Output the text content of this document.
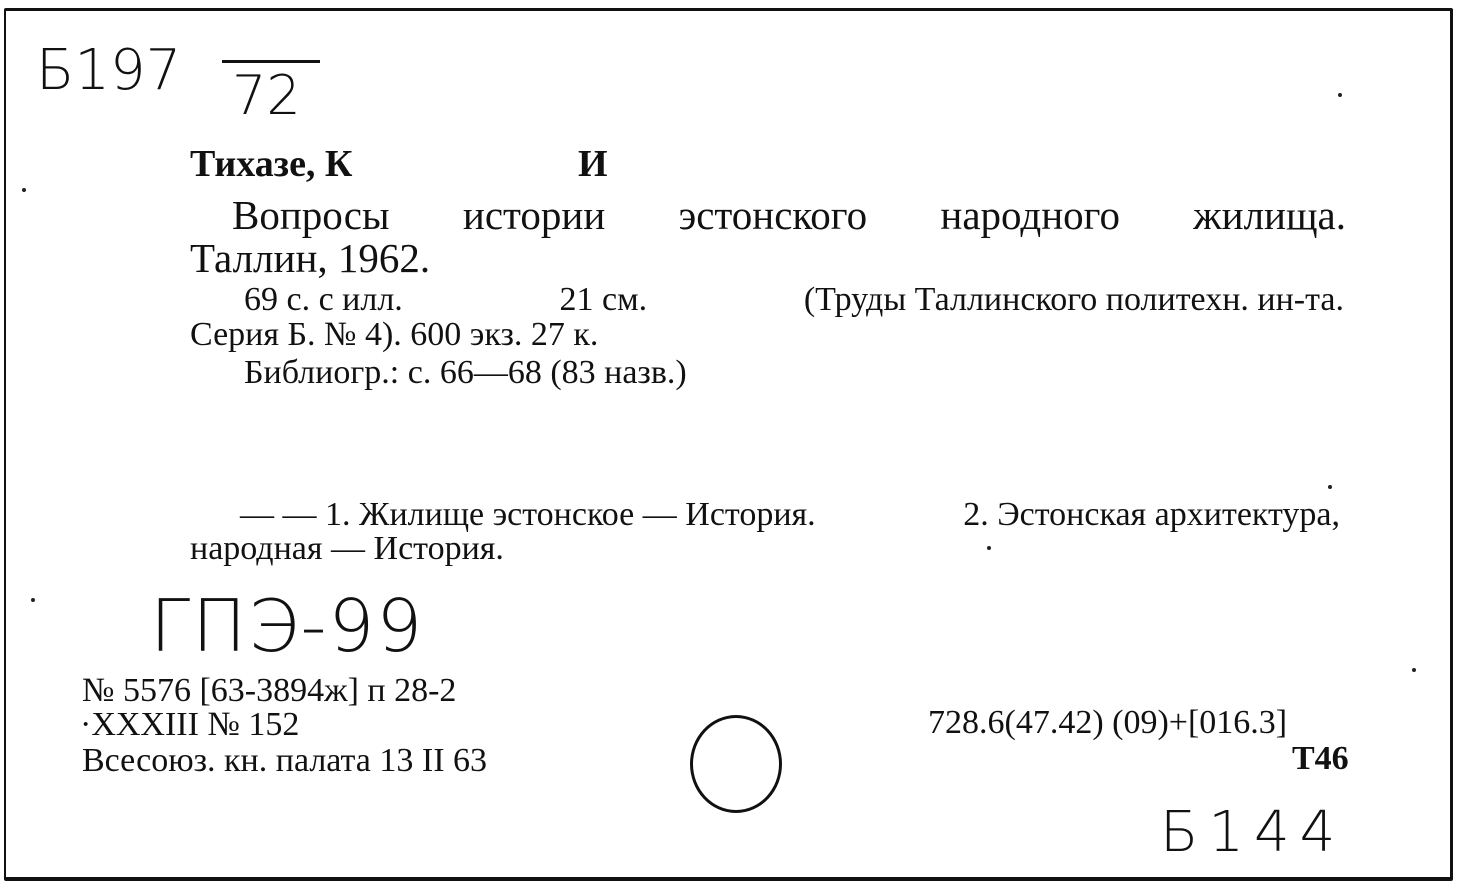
Б197 72
Тихазе, К	И
Вопросы истории эстонского народного жилища.
Таллин, 1962.
69 с. с илл.	21 см.	(Труды Таллинского политехн. ин-та.
Серия Б. № 4). 600 экз. 27 к.
Библиогр.: с. 66—68 (83 назв.)
— — 1. Жилище эстонское — История.	2. Эстонская архитектура,
народная — История.
ГПЭ-99
№ 5576 [63-3894ж] п 28-2
·XXXIII № 152
Всесоюз. кн. палата 13 II 63
728.6(47.42) (09)+[016.3]
Т46
Б144
